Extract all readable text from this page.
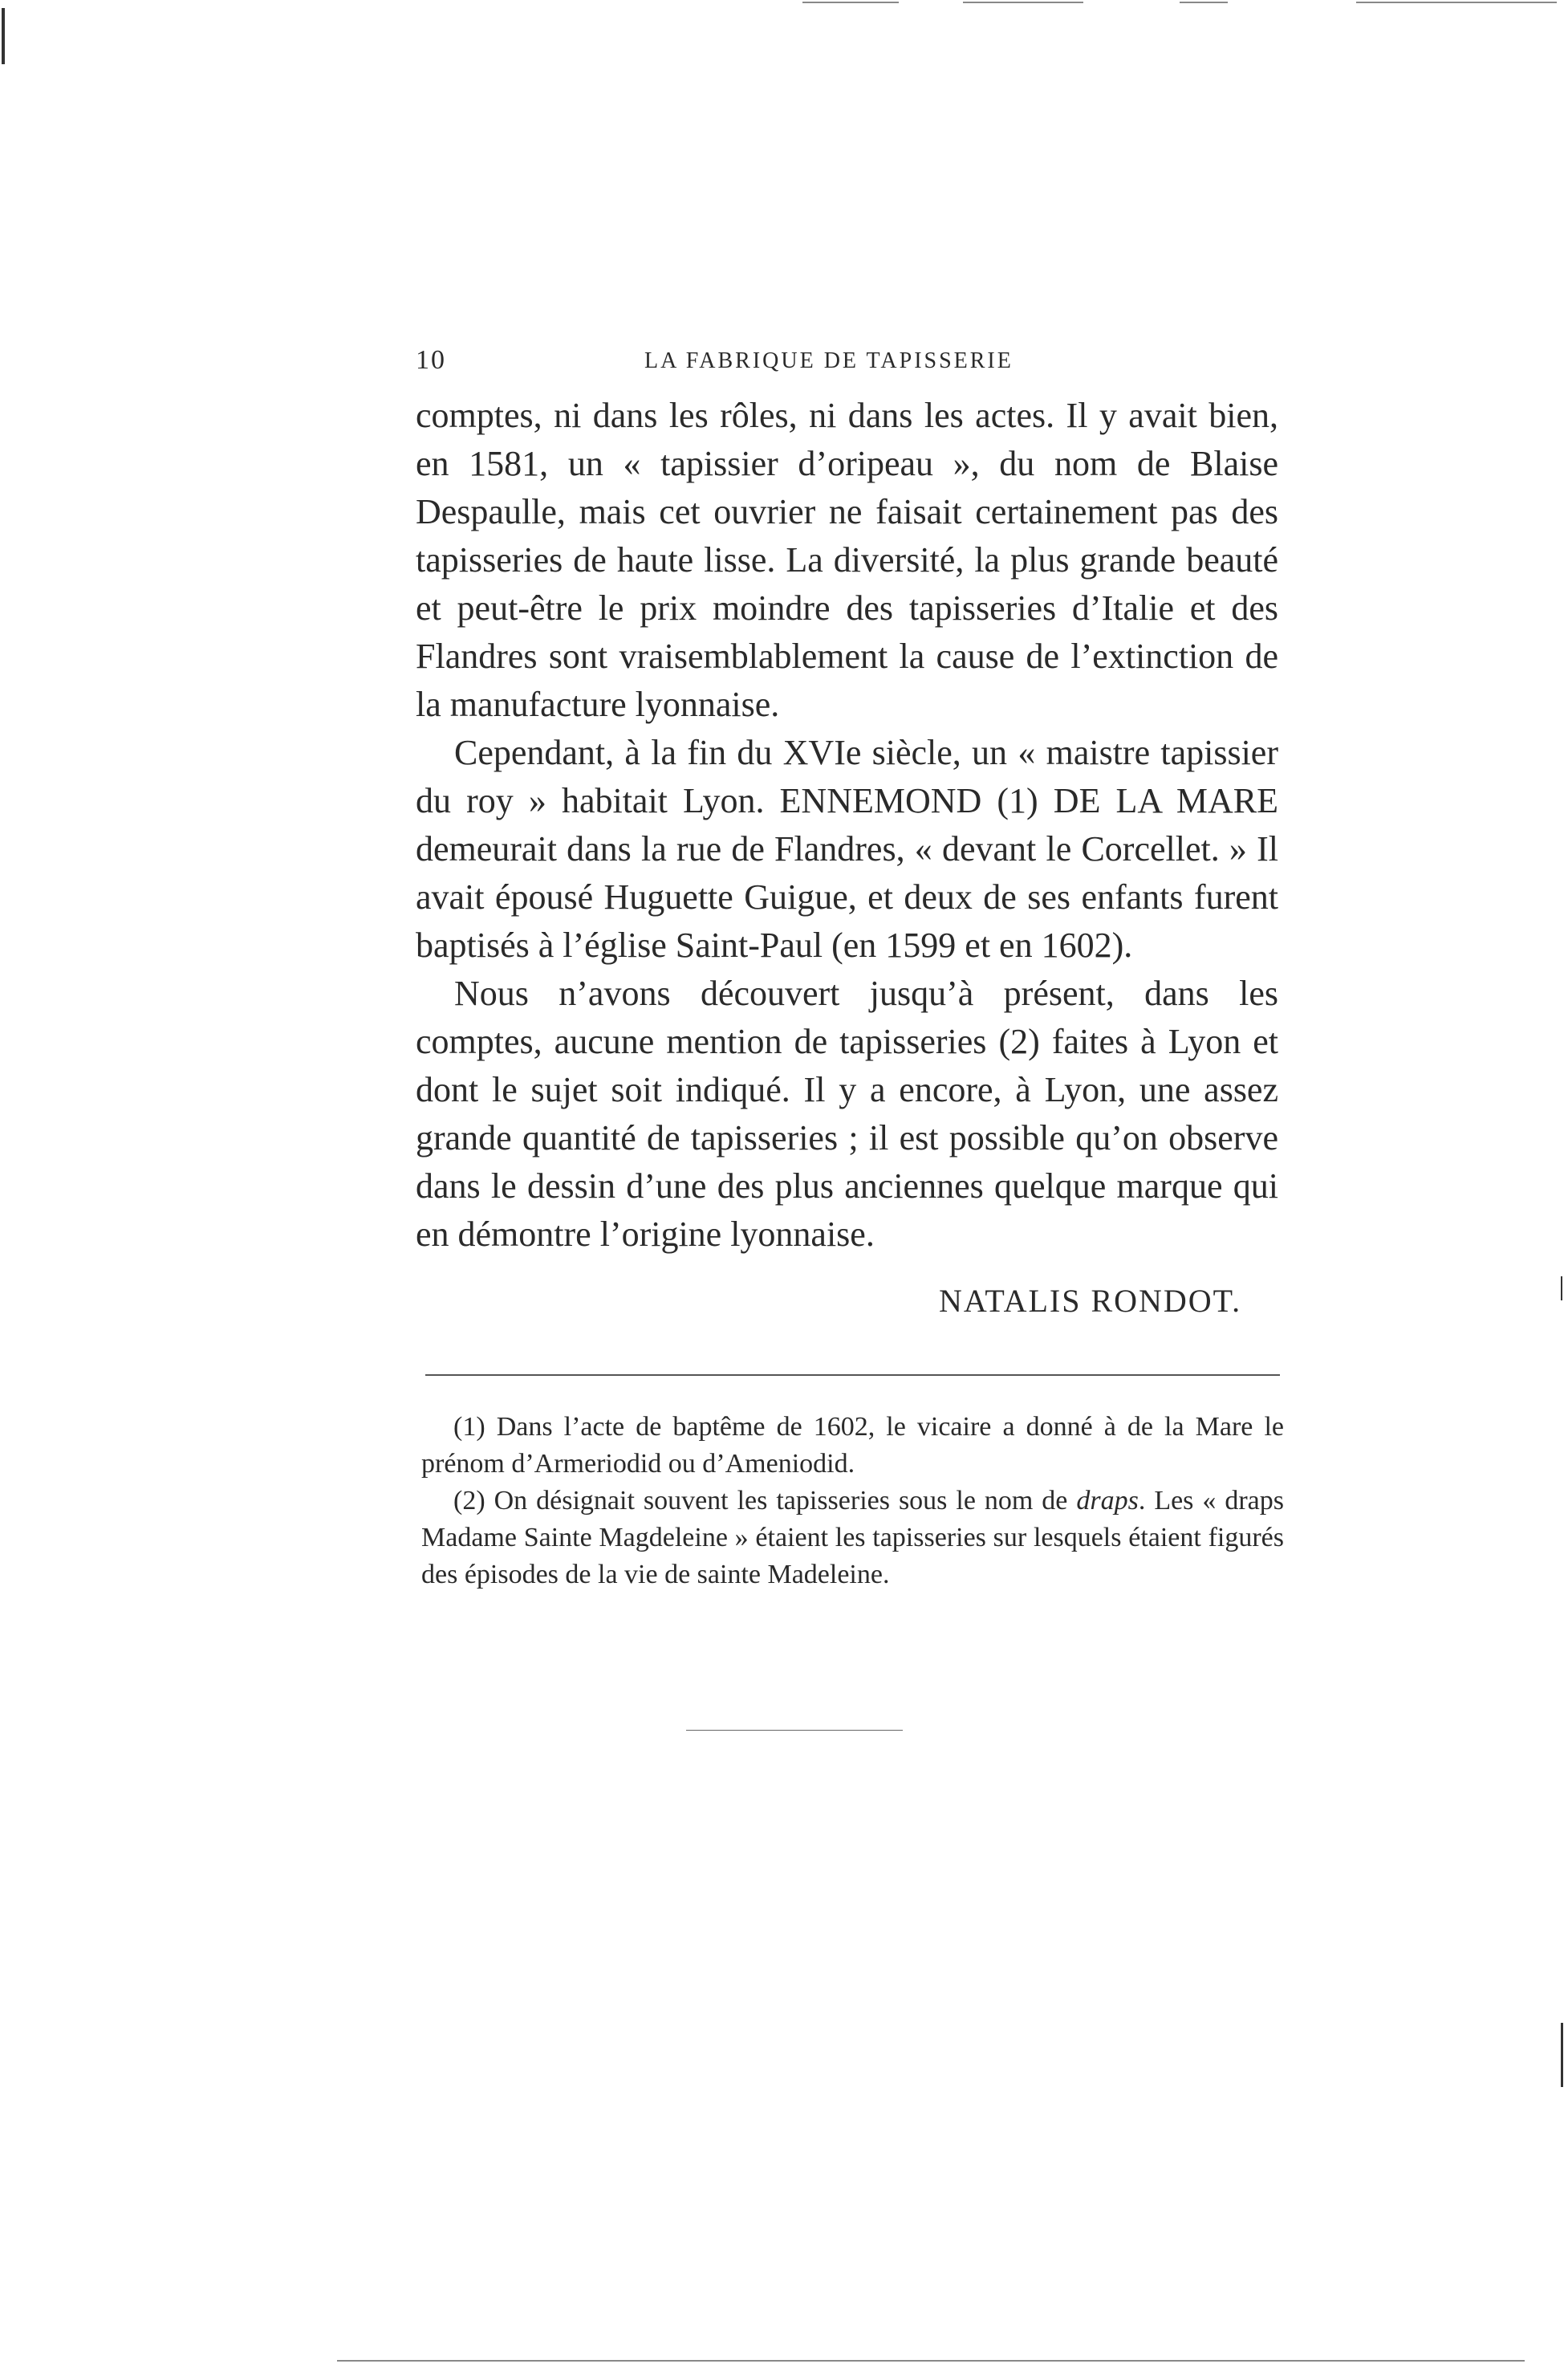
10	LA FABRIQUE DE TAPISSERIE

comptes, ni dans les rôles, ni dans les actes. Il y avait bien, en 1581, un « tapissier d’oripeau », du nom de Blaise Despaulle, mais cet ouvrier ne faisait certainement pas des tapisseries de haute lisse. La diversité, la plus grande beauté et peut-être le prix moindre des tapisseries d’Italie et des Flandres sont vraisemblablement la cause de l’extinction de la manufacture lyonnaise.

Cependant, à la fin du XVIe siècle, un « maistre tapissier du roy » habitait Lyon. ENNEMOND (1) DE LA MARE demeurait dans la rue de Flandres, « devant le Corcellet. » Il avait épousé Huguette Guigue, et deux de ses enfants furent baptisés à l’église Saint-Paul (en 1599 et en 1602).

Nous n’avons découvert jusqu’à présent, dans les comptes, aucune mention de tapisseries (2) faites à Lyon et dont le sujet soit indiqué. Il y a encore, à Lyon, une assez grande quantité de tapisseries ; il est possible qu’on observe dans le dessin d’une des plus anciennes quelque marque qui en démontre l’origine lyonnaise.

NATALIS RONDOT.

(1) Dans l’acte de baptême de 1602, le vicaire a donné à de la Mare le prénom d’Armeriodid ou d’Ameniodid.

(2) On désignait souvent les tapisseries sous le nom de draps. Les « draps Madame Sainte Magdeleine » étaient les tapisseries sur lesquels étaient figurés des épisodes de la vie de sainte Madeleine.
